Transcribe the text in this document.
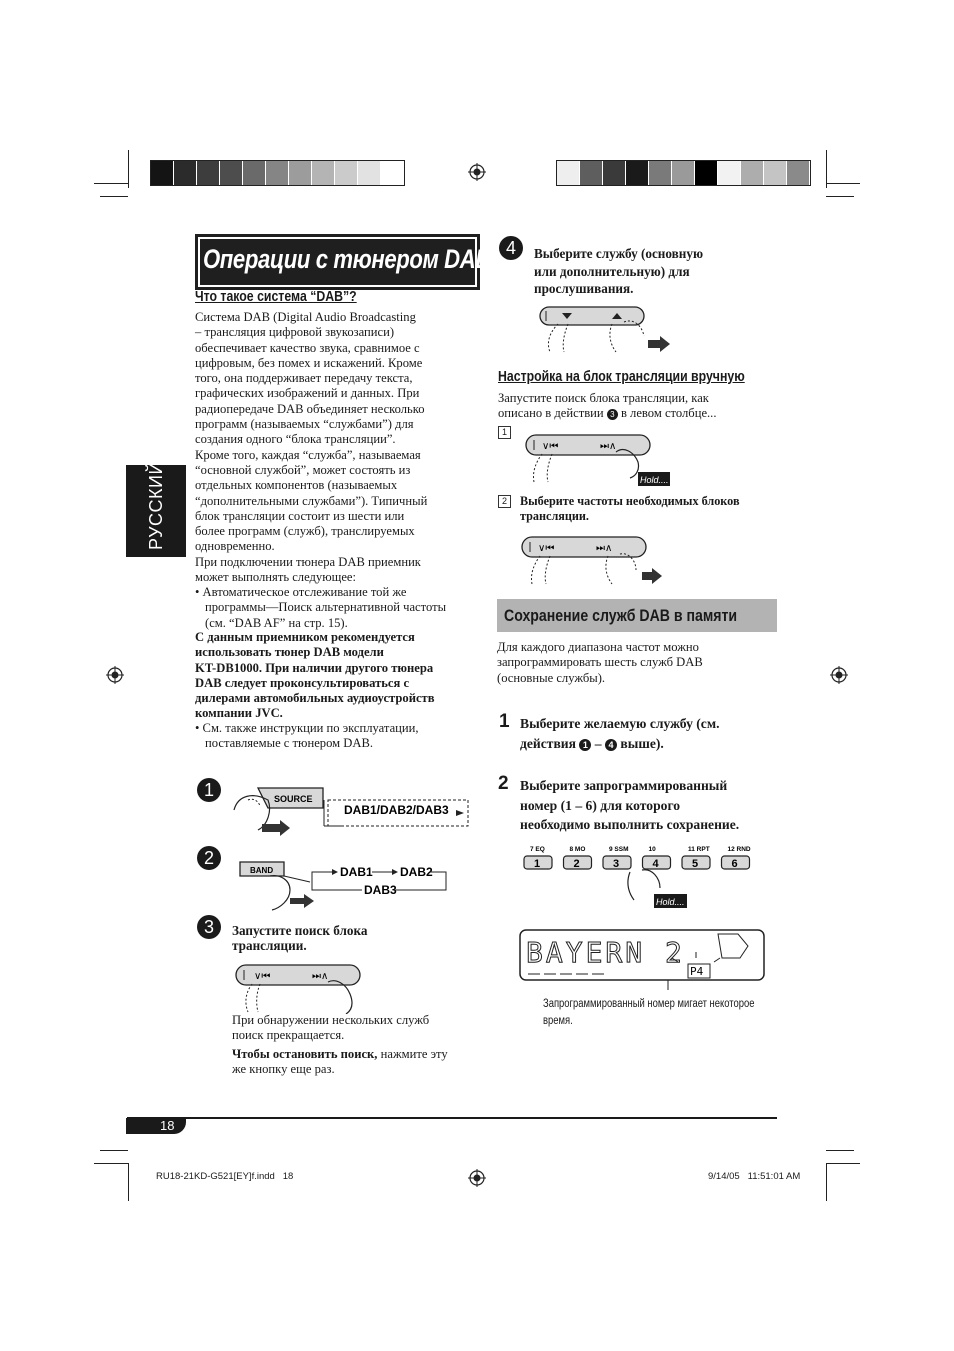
РУССКИЙ
Операции с тюнером DAB
Что такое система “DAB”?
Система DAB (Digital Audio Broadcasting
– трансляция цифровой звукозаписи)
обеспечивает качество звука, сравнимое с
цифровым, без помех и искажений. Кроме
того, она поддерживает передачу текста,
графических изображений и данных. При
радиопередаче DAB объединяет несколько
программ (называемых “службами”) для
создания одного “блока трансляции”.
Кроме того, каждая “служба”, называемая
“основной службой”, может состоять из
отдельных компонентов (называемых
“дополнительными службами”). Типичный
блок трансляции состоит из шести или
более программ (служб), транслируемых
одновременно.
При подключении тюнера DAB приемник
может выполнять следующее:
• Автоматическое отслеживание той же
программы—Поиск альтернативной частоты
(см. “DAB AF” на стр. 15).
С данным приемником рекомендуется
использовать тюнер DAB модели
KT-DB1000. При наличии другого тюнера
DAB следует проконсультироваться с
дилерами автомобильных аудиоустройств
компании JVC.
• См. также инструкции по эксплуатации,
поставляемые с тюнером DAB.
1	SOURCE
DAB1/DAB2/DAB3
2
BAND	DAB1 DAB2
DAB3
3	Запустите поиск блока
трансляции.
∨⏮	⏭∧
При обнаружении нескольких служб
поиск прекращается.
Чтобы остановить поиск, нажмите эту
же кнопку еще раз.
4	Выберите службу (основную
или дополнительную) для
прослушивания.
Настройка на блок трансляции вручную
Запустите поиск блока трансляции, как
описано в действии 3 в левом столбце...
1
∨⏮	⏭∧
Hold....
2	Выберите частоты необходимых блоков
трансляции.
∨⏮	⏭∧
Сохранение служб DAB в памяти
Для каждого диапазона частот можно
запрограммировать шесть служб DAB
(основные службы).
1 Выберите желаемую службу (см.
действия 1 – 4 выше).
2 Выберите запрограммированный
номер (1 – 6) для которого
необходимо выполнить сохранение.
7 EQ
1
8 MO
2
9 SSM
3
10
4
11 RPT
5
12 RND
6
Hold....
BAYERN 2
P4
Запрограммированный номер мигает некоторое
время.
18
RU18-21KD-G521[EY]f.indd   18	9/14/05   11:51:01 AM
